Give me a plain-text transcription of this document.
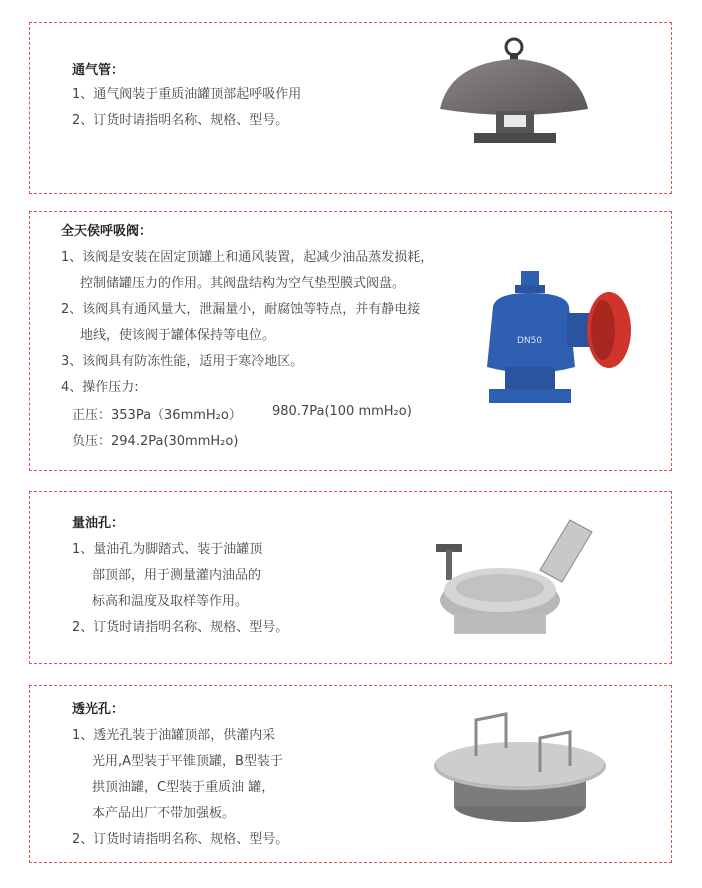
通气管：
1、通气阀装于重质油罐顶部起呼吸作用
2、订货时请指明名称、规格、型号。
全天侯呼吸阀：
1、该阀是安装在固定顶罐上和通风装置，起减少油品蒸发损耗，
控制储罐压力的作用。其阀盘结构为空气垫型膜式阀盘。
2、该阀具有通风量大，泄漏量小，耐腐蚀等特点，并有静电接
地线，使该阀于罐体保持等电位。
3、该阀具有防冻性能，适用于寒冷地区。
4、操作压力:
正压：353Pa（36mmH₂o） 980.7Pa(100 mmH₂o)
负压：294.2Pa(30mmH₂o)
DN50
量油孔：
1、量油孔为脚踏式、装于油罐顶
部顶部，用于测量灌内油品的
标高和温度及取样等作用。
2、订货时请指明名称、规格、型号。
透光孔：
1、透光孔装于油罐顶部，供灌内采
光用,A型装于平锥顶罐，B型装于
拱顶油罐，C型装于重质油 罐，
本产品出厂不带加强板。
2、订货时请指明名称、规格、型号。
